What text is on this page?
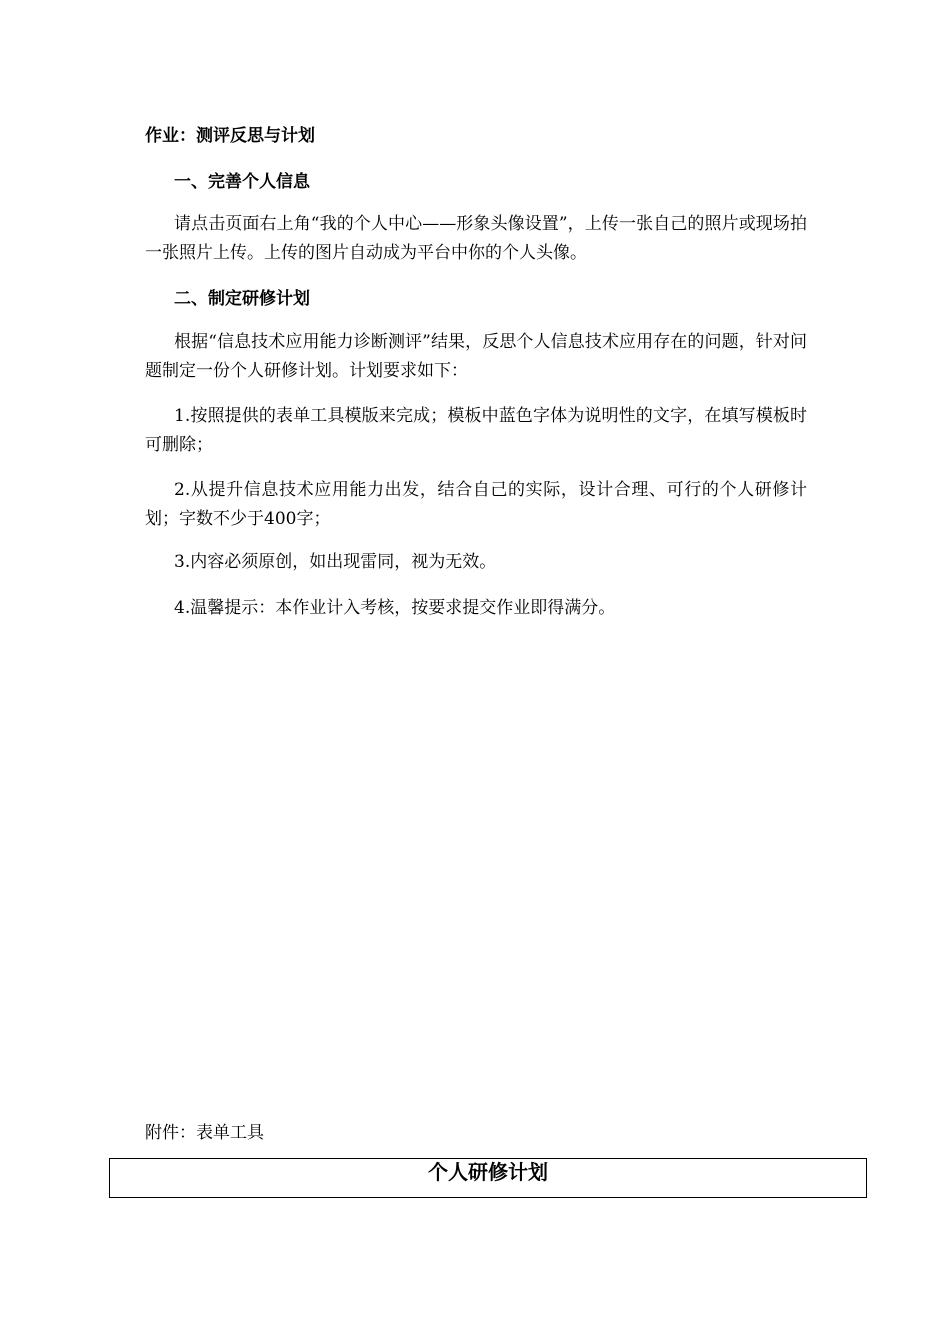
作业：测评反思与计划
一、完善个人信息
请点击页面右上角“我的个人中心——形象头像设置”，上传一张自己的照片或现场拍一张照片上传。上传的图片自动成为平台中你的个人头像。
二、制定研修计划
根据“信息技术应用能力诊断测评”结果，反思个人信息技术应用存在的问题，针对问题制定一份个人研修计划。计划要求如下：
1.按照提供的表单工具模版来完成；模板中蓝色字体为说明性的文字，在填写模板时可删除；
2.从提升信息技术应用能力出发，结合自己的实际，设计合理、可行的个人研修计划；字数不少于400字；
3.内容必须原创，如出现雷同，视为无效。
4.温馨提示：本作业计入考核，按要求提交作业即得满分。
附件：表单工具
个人研修计划
